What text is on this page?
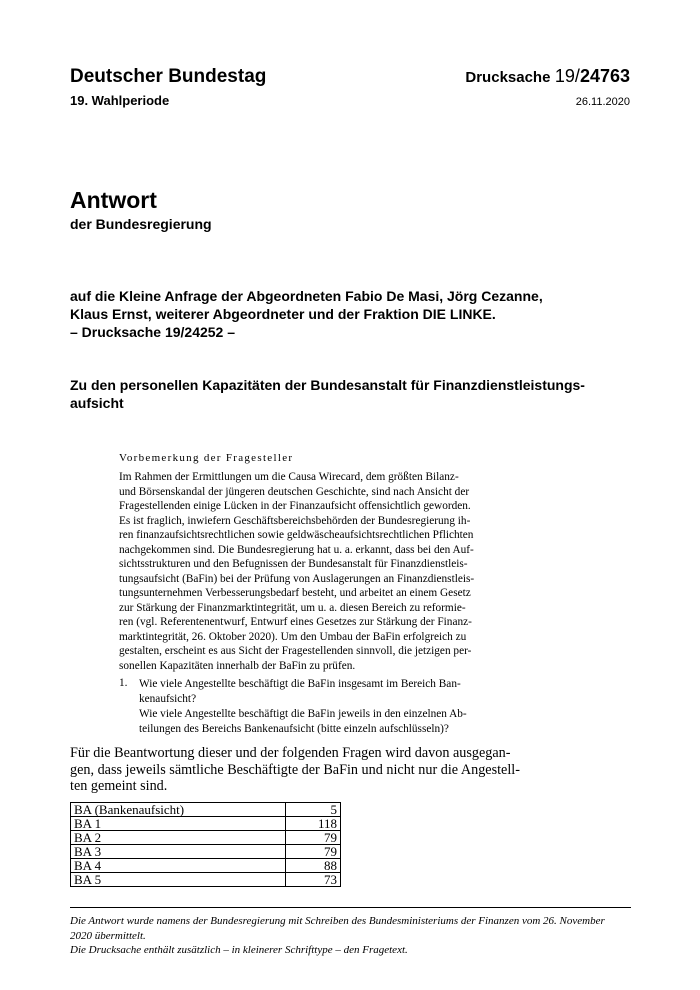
Deutscher Bundestag
19. Wahlperiode
Drucksache 19/24763
26.11.2020
Antwort
der Bundesregierung
auf die Kleine Anfrage der Abgeordneten Fabio De Masi, Jörg Cezanne,
Klaus Ernst, weiterer Abgeordneter und der Fraktion DIE LINKE.
– Drucksache 19/24252 –
Zu den personellen Kapazitäten der Bundesanstalt für Finanzdienstleistungs-
aufsicht
Vorbemerkung der Fragesteller
Im Rahmen der Ermittlungen um die Causa Wirecard, dem größten Bilanz-
und Börsenskandal der jüngeren deutschen Geschichte, sind nach Ansicht der
Fragestellenden einige Lücken in der Finanzaufsicht offensichtlich geworden.
Es ist fraglich, inwiefern Geschäftsbereichsbehörden der Bundesregierung ih-
ren finanzaufsichtsrechtlichen sowie geldwäscheaufsichtsrechtlichen Pflichten
nachgekommen sind. Die Bundesregierung hat u. a. erkannt, dass bei den Auf-
sichtsstrukturen und den Befugnissen der Bundesanstalt für Finanzdienstleis-
tungsaufsicht (BaFin) bei der Prüfung von Auslagerungen an Finanzdienstleis-
tungsunternehmen Verbesserungsbedarf besteht, und arbeitet an einem Gesetz
zur Stärkung der Finanzmarktintegrität, um u. a. diesen Bereich zu reformie-
ren (vgl. Referentenentwurf, Entwurf eines Gesetzes zur Stärkung der Finanz-
marktintegrität, 26. Oktober 2020). Um den Umbau der BaFin erfolgreich zu
gestalten, erscheint es aus Sicht der Fragestellenden sinnvoll, die jetzigen per-
sonellen Kapazitäten innerhalb der BaFin zu prüfen.
1. Wie viele Angestellte beschäftigt die BaFin insgesamt im Bereich Ban-
kenaufsicht?
Wie viele Angestellte beschäftigt die BaFin jeweils in den einzelnen Ab-
teilungen des Bereichs Bankenaufsicht (bitte einzeln aufschlüsseln)?
Für die Beantwortung dieser und der folgenden Fragen wird davon ausgegan-
gen, dass jeweils sämtliche Beschäftigte der BaFin und nicht nur die Angestell-
ten gemeint sind.
BA (Bankenaufsicht)	5
BA 1	118
BA 2	79
BA 3	79
BA 4	88
BA 5	73
Die Antwort wurde namens der Bundesregierung mit Schreiben des Bundesministeriums der Finanzen vom 26. November
2020 übermittelt.
Die Drucksache enthält zusätzlich – in kleinerer Schrifttype – den Fragetext.
